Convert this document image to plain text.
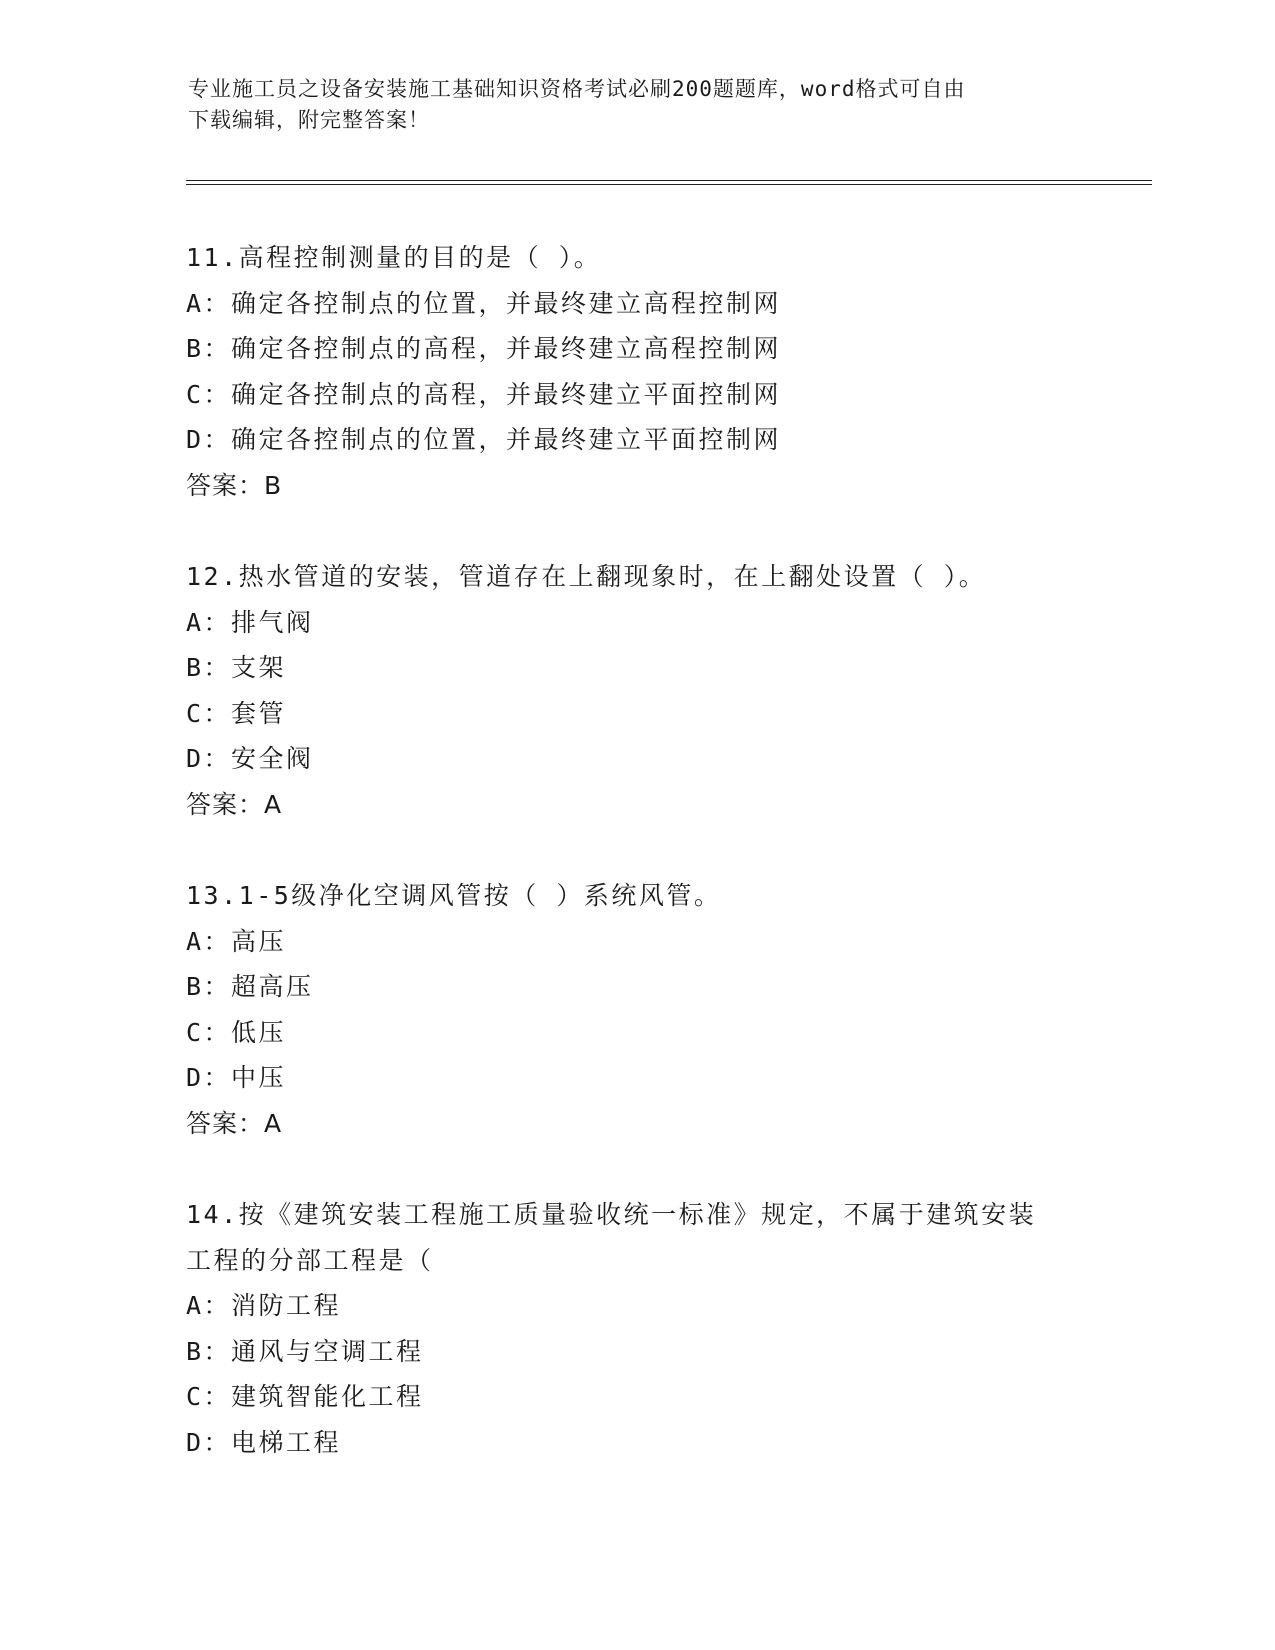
专业施工员之设备安装施工基础知识资格考试必刷200题题库，word格式可自由
下载编辑，附完整答案！
11.高程控制测量的目的是（ ）。
A：确定各控制点的位置，并最终建立高程控制网
B：确定各控制点的高程，并最终建立高程控制网
C：确定各控制点的高程，并最终建立平面控制网
D：确定各控制点的位置，并最终建立平面控制网
答案：B
12.热水管道的安装，管道存在上翻现象时，在上翻处设置（ ）。
A：排气阀
B：支架
C：套管
D：安全阀
答案：A
13.1-5级净化空调风管按（ ）系统风管。
A：高压
B：超高压
C：低压
D：中压
答案：A
14.按《建筑安装工程施工质量验收统一标准》规定，不属于建筑安装
工程的分部工程是（
A：消防工程
B：通风与空调工程
C：建筑智能化工程
D：电梯工程
